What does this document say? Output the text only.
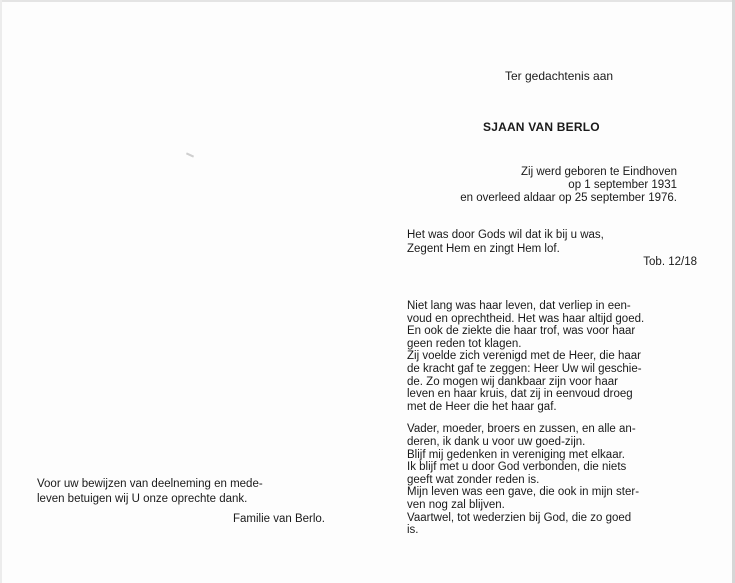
Ter gedachtenis aan
SJAAN VAN BERLO
Zij werd geboren te Eindhoven
op 1 september 1931
en overleed aldaar op 25 september 1976.
Het was door Gods wil dat ik bij u was,
Zegent Hem en zingt Hem lof.
Tob. 12/18
Niet lang was haar leven, dat verliep in een-
voud en oprechtheid. Het was haar altijd goed.
En ook de ziekte die haar trof, was voor haar
geen reden tot klagen.
Zij voelde zich verenigd met de Heer, die haar
de kracht gaf te zeggen: Heer Uw wil geschie-
de. Zo mogen wij dankbaar zijn voor haar
leven en haar kruis, dat zij in eenvoud droeg
met de Heer die het haar gaf.
Vader, moeder, broers en zussen, en alle an-
deren, ik dank u voor uw goed-zijn.
Blijf mij gedenken in vereniging met elkaar.
Ik blijf met u door God verbonden, die niets
geeft wat zonder reden is.
Mijn leven was een gave, die ook in mijn ster-
ven nog zal blijven.
Vaartwel, tot wederzien bij God, die zo goed
is.
Voor uw bewijzen van deelneming en mede-
leven betuigen wij U onze oprechte dank.
Familie van Berlo.
